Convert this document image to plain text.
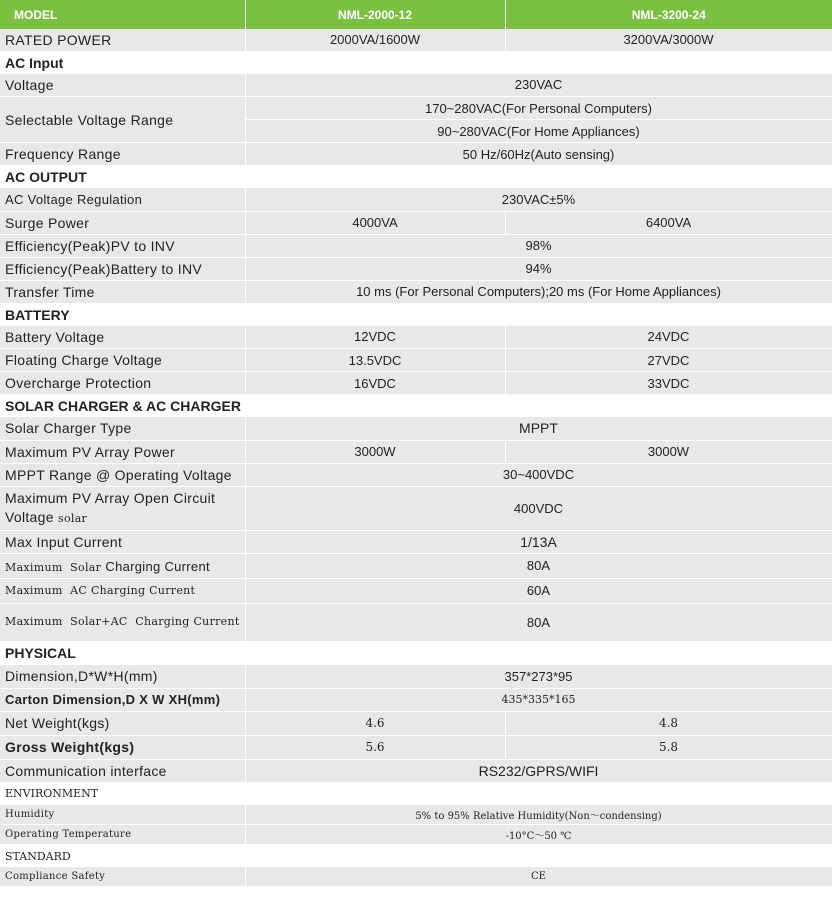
MODEL	NML-2000-12	NML-3200-24
RATED POWER	2000VA/1600W	3200VA/3000W
AC Input		
Voltage	230VAC	
Selectable Voltage Range	170~280VAC(For Personal Computers)	
	90~280VAC(For Home Appliances)	
Frequency Range	50 Hz/60Hz(Auto sensing)	
AC OUTPUT		
AC Voltage Regulation	230VAC±5%	
Surge Power	4000VA	6400VA
Efficiency(Peak)PV to INV	98%	
Efficiency(Peak)Battery to INV	94%	
Transfer Time	10 ms (For Personal Computers);20 ms (For Home Appliances)	
BATTERY		
Battery Voltage	12VDC	24VDC
Floating Charge Voltage	13.5VDC	27VDC
Overcharge Protection	16VDC	33VDC
SOLAR CHARGER & AC CHARGER		
Solar Charger Type	MPPT	
Maximum PV Array Power	3000W	3000W
MPPT Range @ Operating Voltage	30~400VDC	
Maximum PV Array Open Circuit
Voltage solar	400VDC	
Max Input Current	1/13A	
Maximum  Solar Charging Current	80A	
Maximum  AC Charging Current	60A	
Maximum  Solar+AC  Charging Current	80A	
PHYSICAL		
Dimension,D*W*H(mm)	357*273*95	
Carton Dimension,D X W XH(mm)	435*335*165	
Net Weight(kgs)	4.6	4.8
Gross Weight(kgs)	5.6	5.8
Communication interface	RS232/GPRS/WIFI	
ENVIRONMENT		
Humidity	5% to 95% Relative Humidity(Non～condensing)	
Operating Temperature	-10°C～50 ℃	
STANDARD		
Compliance Safety	CE	
